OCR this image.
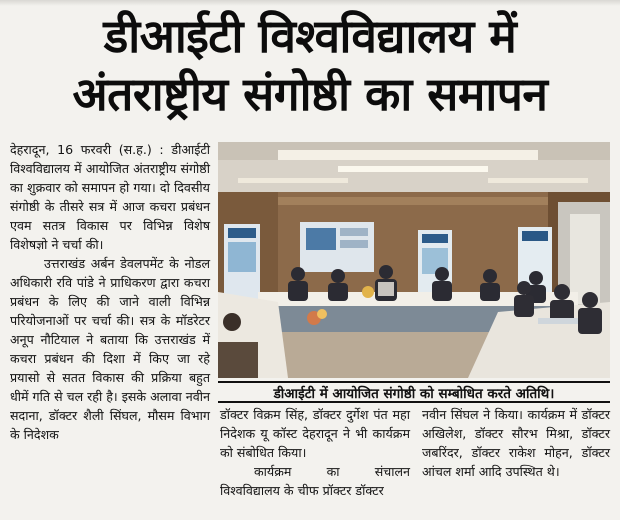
डीआईटी विश्वविद्यालय में
अंतराष्ट्रीय संगोष्ठी का समापन

देहरादून, 16 फरवरी (स.ह.) : डीआईटी विश्वविद्यालय में आयोजित अंतराष्ट्रीय संगोष्ठी का शुक्रवार को समापन हो गया। दो दिवसीय संगोष्ठी के तीसरे सत्र में आज कचरा प्रबंधन एवम सतत्र विकास पर विभिन्न विशेष विशेषज्ञो ने चर्चा की।

उत्तराखंड अर्बन डेवलपमेंट के नोडल अधिकारी रवि पांडे ने प्राधिकरण द्वारा कचरा प्रबंधन के लिए की जाने वाली विभिन्न परियोजनाओं पर चर्चा की। सत्र के मॉडरेटर अनूप नौटियाल ने बताया कि उत्तराखंड में कचरा प्रबंधन की दिशा में किए जा रहे प्रयासो से सतत विकास की प्रक्रिया बहुत धीमें गति से चल रही है। इसके अलावा नवीन सदाना, डॉक्टर शैली सिंघल, मौसम विभाग के निदेशक

डीआईटी में आयोजित संगोष्ठी को सम्बोधित करते अतिथि।

डॉक्टर विक्रम सिंह, डॉक्टर दुर्गेश पंत महा निदेशक यू कॉस्ट देहरादून ने भी कार्यक्रम को संबोधित किया।

कार्यक्रम का संचालन विश्वविद्यालय के चीफ प्रॉक्टर डॉक्टर

नवीन सिंघल ने किया। कार्यक्रम में डॉक्टर अखिलेश, डॉक्टर सौरभ मिश्रा, डॉक्टर जबरिंदर, डॉक्टर राकेश मोहन, डॉक्टर आंचल शर्मा आदि उपस्थित थे।
